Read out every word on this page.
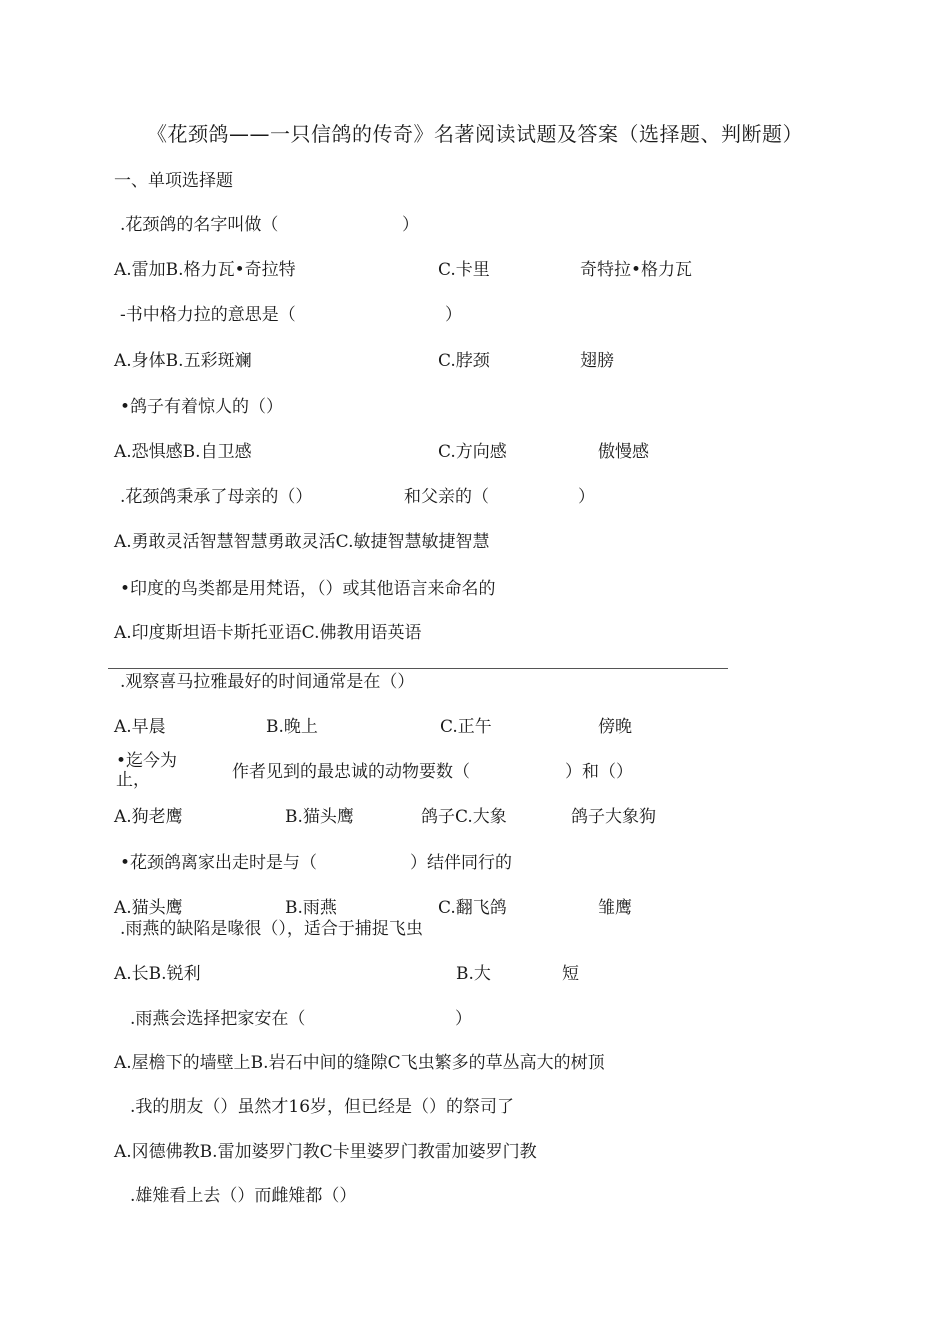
《花颈鸽——一只信鸽的传奇》名著阅读试题及答案（选择题、判断题）
一、单项选择题
.花颈鸽的名字叫做（	）
A.雷加B.格力瓦•奇拉特	C.卡里	奇特拉•格力瓦
-书中格力拉的意思是（	）
A.身体B.五彩斑斓	C.脖颈	翅膀
•鸽子有着惊人的（）
A.恐惧感B.自卫感	C.方向感	傲慢感
.花颈鸽秉承了母亲的（）	和父亲的（	）
A.勇敢灵活智慧智慧勇敢灵活C.敏捷智慧敏捷智慧
•印度的鸟类都是用梵语，（）或其他语言来命名的
A.印度斯坦语卡斯托亚语C.佛教用语英语
.观察喜马拉雅最好的时间通常是在（）
A.早晨	B.晚上	C.正午	傍晚
•迄今为止，	作者见到的最忠诚的动物要数（	）和（）
A.狗老鹰	B.猫头鹰	鸽子C.大象	鸽子大象狗
•花颈鸽离家出走时是与（	）结伴同行的
A.猫头鹰	B.雨燕	C.翻飞鸽	雏鹰
.雨燕的缺陷是喙很（），适合于捕捉飞虫
A.长B.锐利	B.大	短
.雨燕会选择把家安在（	）
A.屋檐下的墙壁上B.岩石中间的缝隙C飞虫繁多的草丛高大的树顶
.我的朋友（）虽然才16岁，但已经是（）的祭司了
A.冈德佛教B.雷加婆罗门教C卡里婆罗门教雷加婆罗门教
.雄雉看上去（）而雌雉都（）
